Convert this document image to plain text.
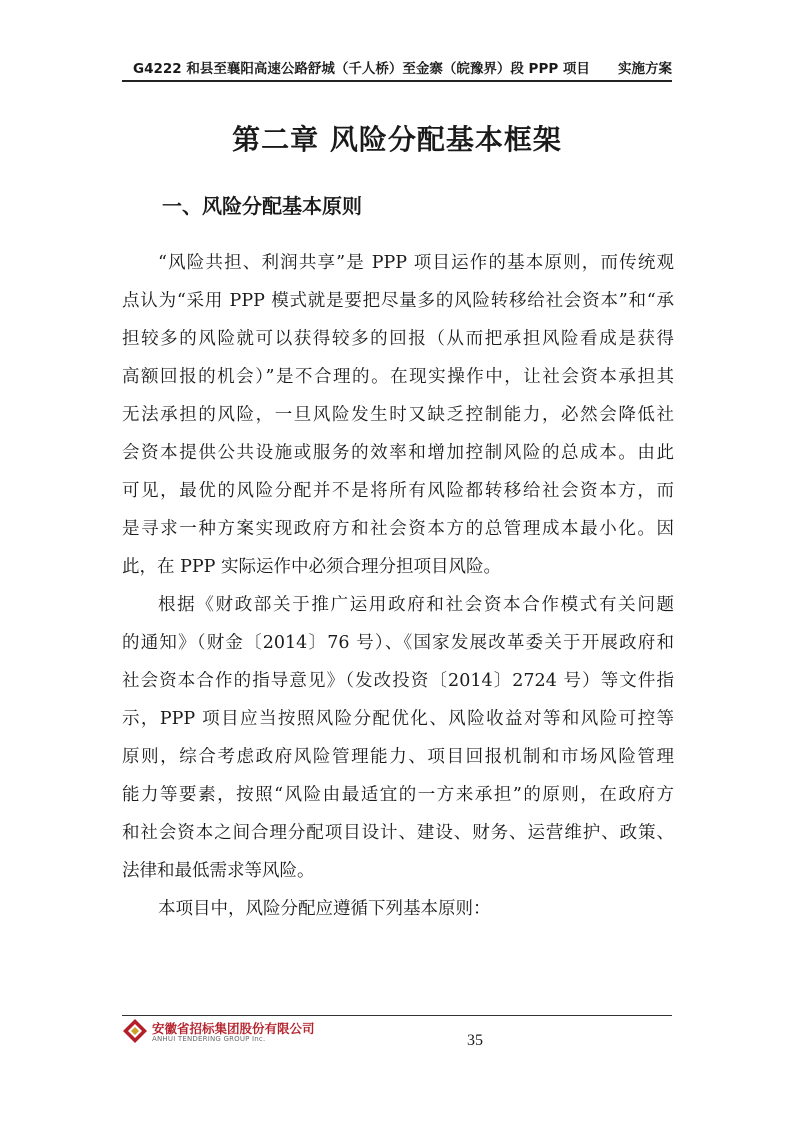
G4222 和县至襄阳高速公路舒城（千人桥）至金寨（皖豫界）段 PPP 项目 实施方案
第二章 风险分配基本框架
一、风险分配基本原则

“风险共担、利润共享”是 PPP 项目运作的基本原则，而传统观
点认为“采用 PPP 模式就是要把尽量多的风险转移给社会资本”和“承
担较多的风险就可以获得较多的回报（从而把承担风险看成是获得
高额回报的机会）”是不合理的。在现实操作中，让社会资本承担其
无法承担的风险，一旦风险发生时又缺乏控制能力，必然会降低社
会资本提供公共设施或服务的效率和增加控制风险的总成本。由此
可见，最优的风险分配并不是将所有风险都转移给社会资本方，而
是寻求一种方案实现政府方和社会资本方的总管理成本最小化。因
此，在 PPP 实际运作中必须合理分担项目风险。

根据《财政部关于推广运用政府和社会资本合作模式有关问题
的通知》（财金〔2014〕76 号）、《国家发展改革委关于开展政府和
社会资本合作的指导意见》（发改投资〔2014〕2724 号）等文件指
示，PPP 项目应当按照风险分配优化、风险收益对等和风险可控等
原则，综合考虑政府风险管理能力、项目回报机制和市场风险管理
能力等要素，按照“风险由最适宜的一方来承担”的原则，在政府方
和社会资本之间合理分配项目设计、建设、财务、运营维护、政策、
法律和最低需求等风险。

本项目中，风险分配应遵循下列基本原则：

安徽省招标集团股份有限公司
ANHUI TENDERING GROUP Inc.	35
